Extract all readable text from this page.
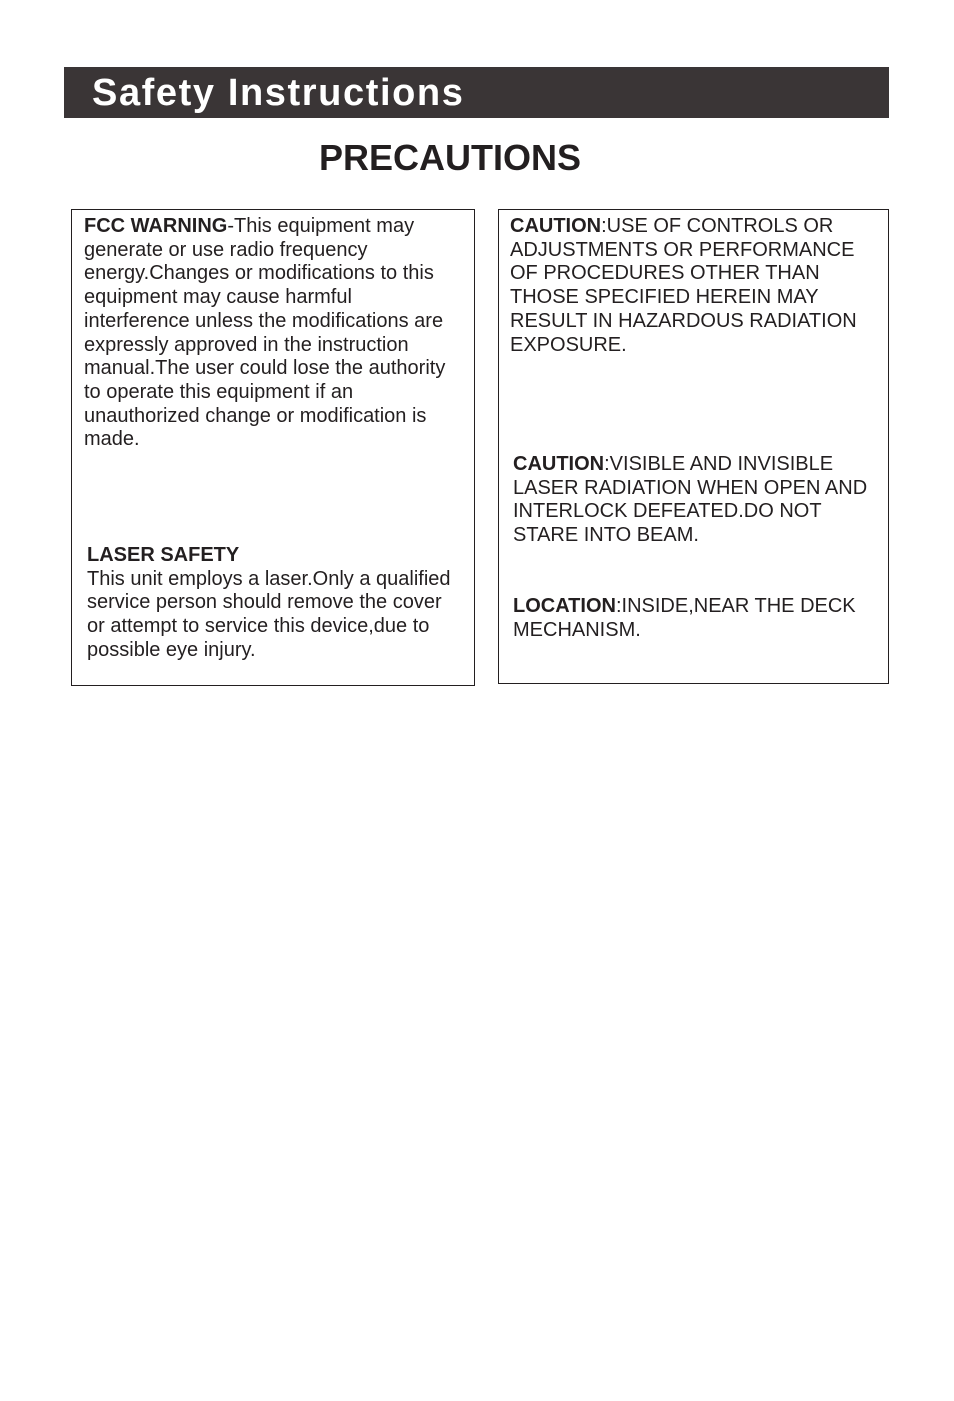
Safety Instructions
PRECAUTIONS
FCC WARNING-This equipment may
generate or use radio frequency
energy.Changes or modifications to this
equipment may cause harmful
interference unless the modifications are
expressly approved in the instruction
manual.The user could lose the authority
to operate this equipment if an
unauthorized change or modification is
made.
LASER SAFETY
This unit employs a laser.Only a qualified
service person should remove the cover
or attempt to service this device,due to
possible eye injury.
CAUTION:USE OF CONTROLS OR
ADJUSTMENTS OR PERFORMANCE
OF PROCEDURES OTHER THAN
THOSE SPECIFIED HEREIN MAY
RESULT IN HAZARDOUS RADIATION
EXPOSURE.
CAUTION:VISIBLE AND INVISIBLE
LASER RADIATION WHEN OPEN AND
INTERLOCK DEFEATED.DO NOT
STARE INTO BEAM.
LOCATION:INSIDE,NEAR THE DECK
MECHANISM.
